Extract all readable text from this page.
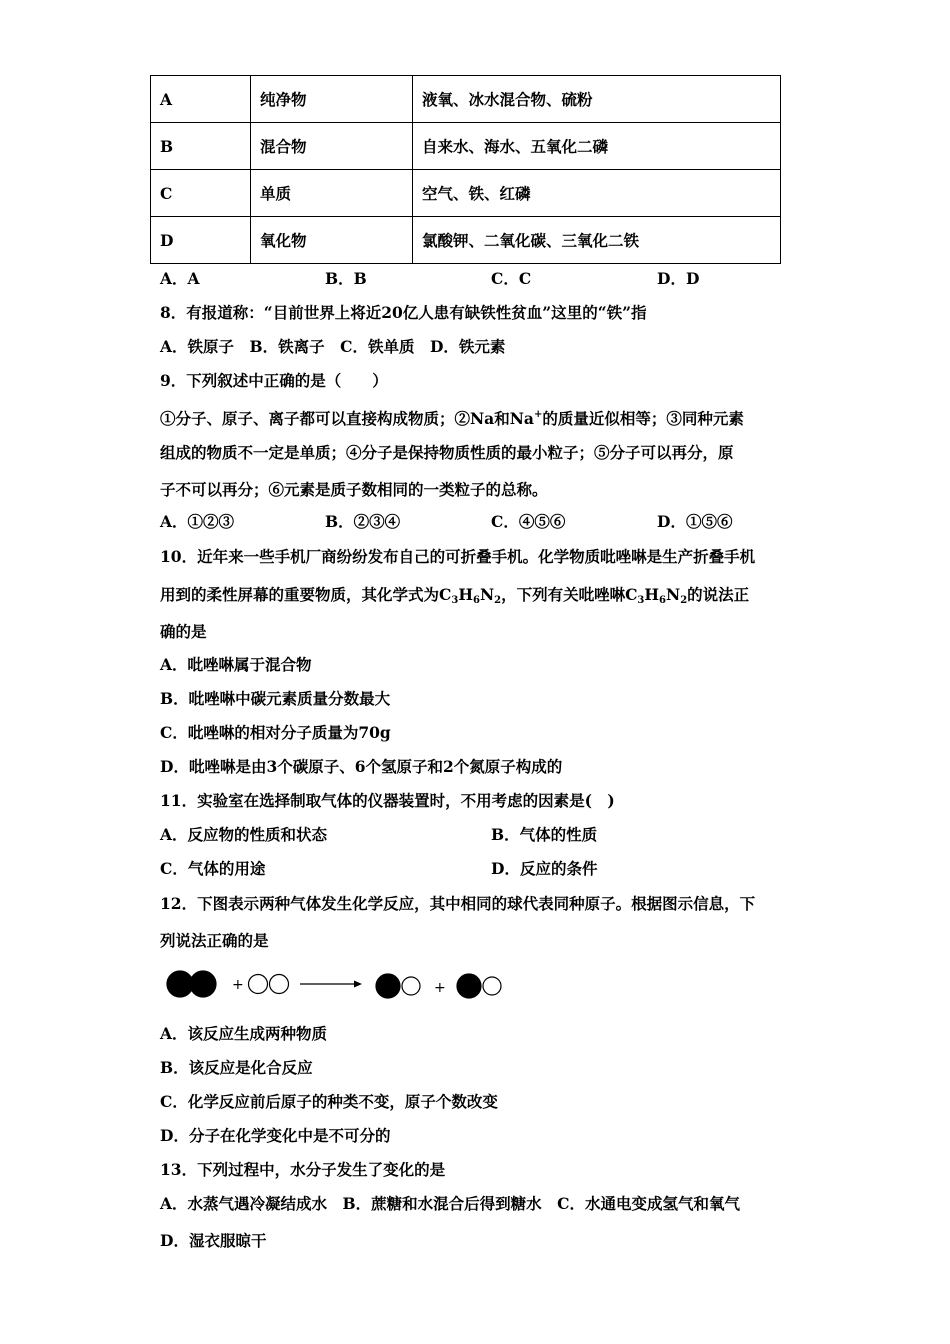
A	纯净物	液氧、冰水混合物、硫粉
B	混合物	自来水、海水、五氧化二磷
C	单质	空气、铁、红磷
D	氧化物	氯酸钾、二氧化碳、三氧化二铁
A．A	B．B	C．C	D．D
8．有报道称：“目前世界上将近20亿人患有缺铁性贫血”这里的“铁”指
A．铁原子　B．铁离子　C．铁单质　D．铁元素
9．下列叙述中正确的是（　　）
①分子、原子、离子都可以直接构成物质；②Na和Na+的质量近似相等；③同种元素
组成的物质不一定是单质；④分子是保持物质性质的最小粒子；⑤分子可以再分，原
子不可以再分；⑥元素是质子数相同的一类粒子的总称。
A．①②③	B．②③④	C．④⑤⑥	D．①⑤⑥
10．近年来一些手机厂商纷纷发布自己的可折叠手机。化学物质吡唑啉是生产折叠手机
用到的柔性屏幕的重要物质，其化学式为$C_3H_6N_2$，下列有关吡唑啉$C_3H_6N_2$的说法正
确的是
A．吡唑啉属于混合物
B．吡唑啉中碳元素质量分数最大
C．吡唑啉的相对分子质量为70g
D．吡唑啉是由3个碳原子、6个氢原子和2个氮原子构成的
11．实验室在选择制取气体的仪器装置时，不用考虑的因素是(　)
A．反应物的性质和状态	B．气体的性质
C．气体的用途	D．反应的条件
12．下图表示两种气体发生化学反应，其中相同的球代表同种原子。根据图示信息，下
列说法正确的是
+	+
A．该反应生成两种物质
B．该反应是化合反应
C．化学反应前后原子的种类不变，原子个数改变
D．分子在化学变化中是不可分的
13．下列过程中，水分子发生了变化的是
A．水蒸气遇冷凝结成水　B．蔗糖和水混合后得到糖水　C．水通电变成氢气和氧气
D．湿衣服晾干
